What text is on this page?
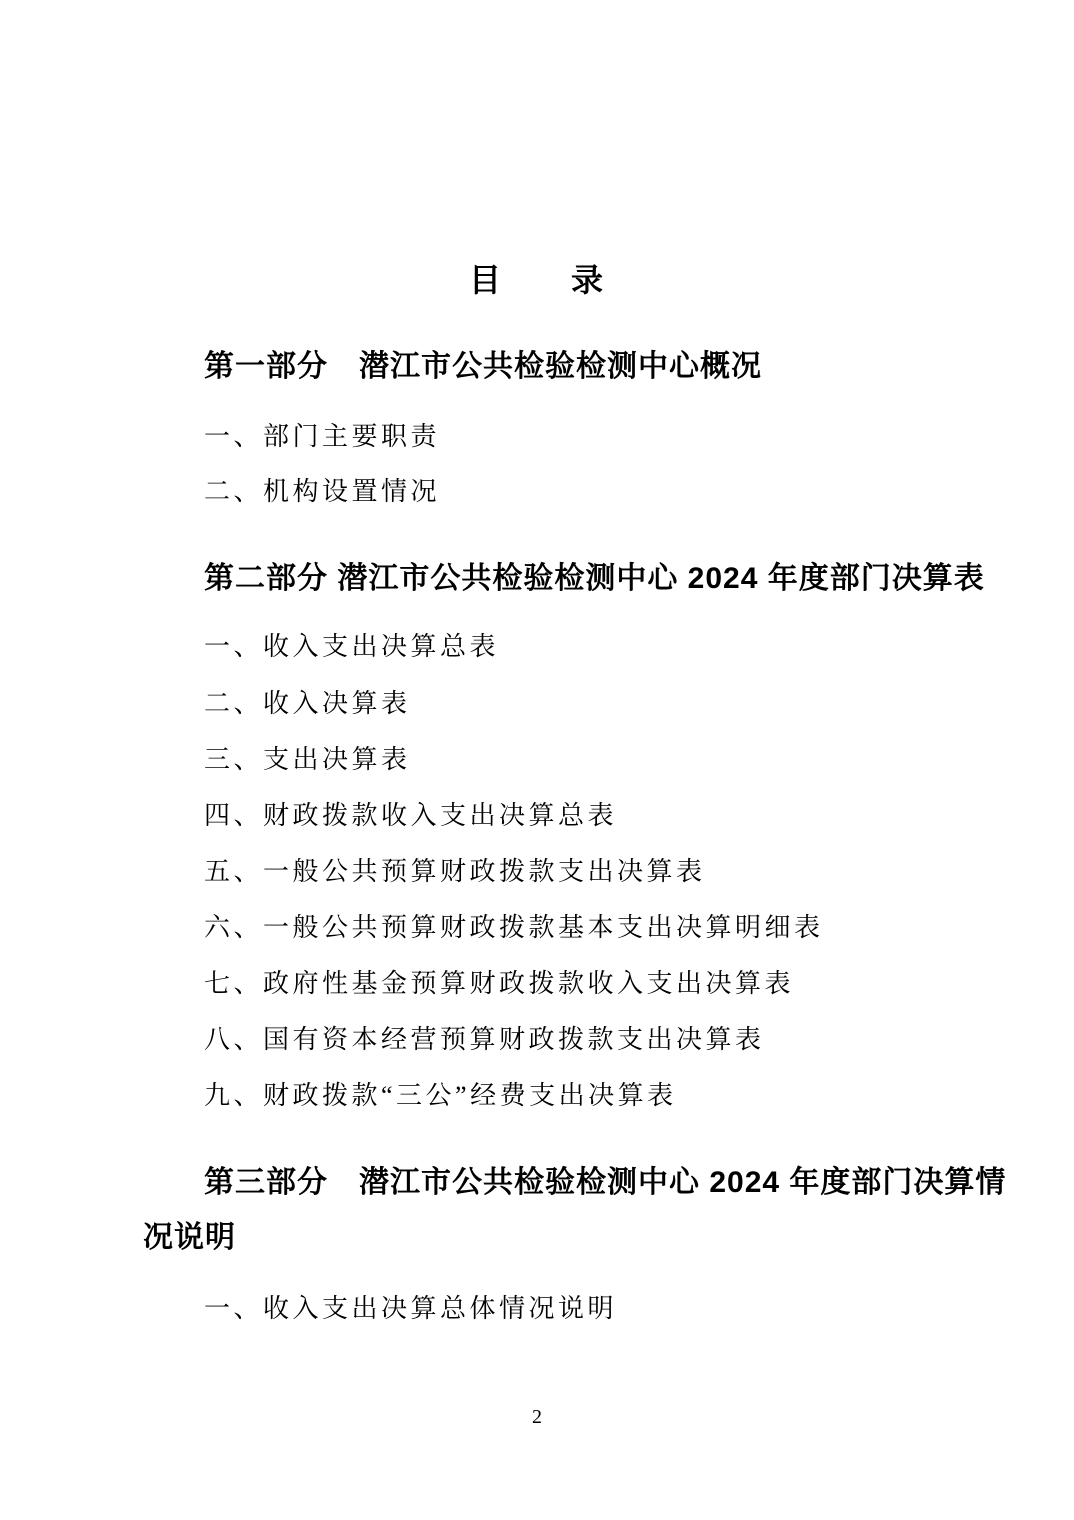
目　　录
第一部分　潜江市公共检验检测中心概况
一、部门主要职责
二、机构设置情况
第二部分 潜江市公共检验检测中心 2024 年度部门决算表
一、收入支出决算总表
二、收入决算表
三、支出决算表
四、财政拨款收入支出决算总表
五、一般公共预算财政拨款支出决算表
六、一般公共预算财政拨款基本支出决算明细表
七、政府性基金预算财政拨款收入支出决算表
八、国有资本经营预算财政拨款支出决算表
九、财政拨款“三公”经费支出决算表
第三部分　潜江市公共检验检测中心 2024 年度部门决算情
况说明
一、收入支出决算总体情况说明
2
